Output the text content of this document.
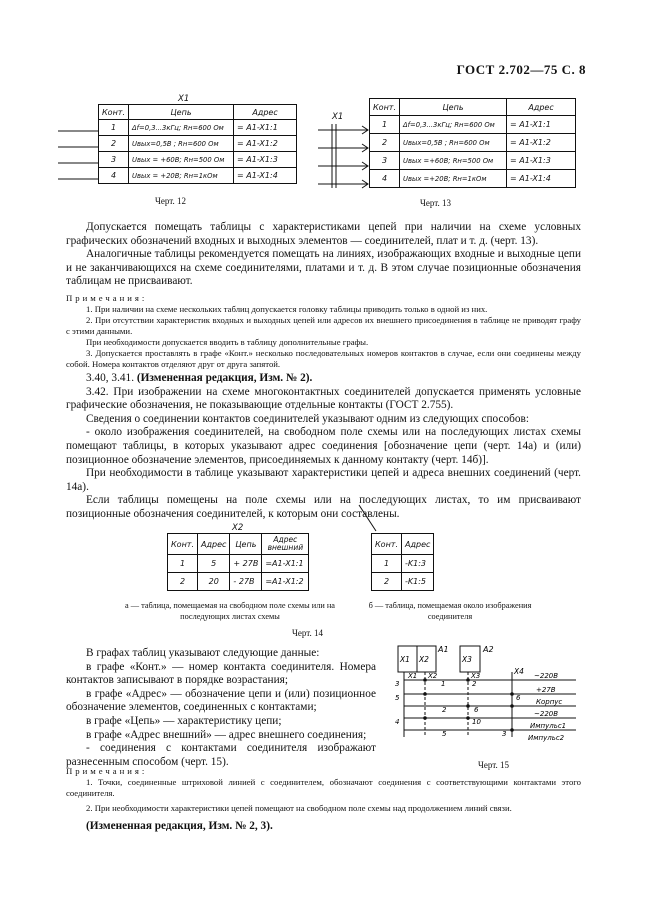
ГОСТ 2.702—75 С. 8
X1
Конт.	Цепь	Адрес
1	Δf=0,3...3кГц; Rн=600 Ом	= A1-X1:1
2	Uвых=0,5В ; Rн=600 Ом	= A1-X1:2
3	Uвых = +60В; Rн=500 Ом	= A1-X1:3
4	Uвых = +20В; Rн=1кОм	= A1-X1:4
Черт. 12
X1
Конт.	Цепь	Адрес
1	Δf=0,3...3кГц; Rн=600 Ом	= A1-X1:1
2	Uвых=0,5В ; Rн=600 Ом	= A1-X1:2
3	Uвых =+60В; Rн=500 Ом	= A1-X1:3
4	Uвых =+20В; Rн=1кОм	= A1-X1:4
Черт. 13

Допускается помещать таблицы с характеристиками цепей при наличии на схеме условных графических обозначений входных и выходных элементов — соединителей, плат и т. д. (черт. 13).

Аналогичные таблицы рекомендуется помещать на линиях, изображающих входные и выходные цепи и не заканчивающихся на схеме соединителями, платами и т. д. В этом случае позиционные обозначения таблицам не присваивают.

Примечания:

1. При наличии на схеме нескольких таблиц допускается головку таблицы приводить только в одной из них.

2. При отсутствии характеристик входных и выходных цепей или адресов их внешнего присоединения в таблице не приводят графу с этими данными.

При необходимости допускается вводить в таблицу дополнительные графы.

3. Допускается проставлять в графе «Конт.» несколько последовательных номеров контактов в случае, если они соединены между собой. Номера контактов отделяют друг от друга запятой.

3.40, 3.41. (Измененная редакция, Изм. № 2).

3.42. При изображении на схеме многоконтактных соединителей допускается применять условные графические обозначения, не показывающие отдельные контакты (ГОСТ 2.755).

Сведения о соединении контактов соединителей указывают одним из следующих способов:

- около изображения соединителей, на свободном поле схемы или на последующих листах схемы помещают таблицы, в которых указывают адрес соединения [обозначение цепи (черт. 14а) и (или) позиционное обозначение элементов, присоединяемых к данному контакту (черт. 14б)].

При необходимости в таблице указывают характеристики цепей и адреса внешних соединений (черт. 14а).

Если таблицы помещены на поле схемы или на последующих листах, то им присваивают позиционные обозначения соединителей, к которым они составлены.

X2
Конт.	Адрес	Цепь	Адрес внешний
1	5	+ 27В	=A1-X1:1
2	20	- 27В	=A1-X1:2
а — таблица, помещаемая на свободном поле схемы или на последующих листах схемы
Конт.	Адрес
1	-K1:3
2	-K1:5
б — таблица, помещаемая около изображения соединителя
Черт. 14

В графах таблиц указывают следующие данные:

в графе «Конт.» — номер контакта соединителя. Номера контактов записывают в порядке возрастания;

в графе «Адрес» — обозначение цепи и (или) позиционное обозначение элементов, соединенных с контактами;

в графе «Цепь» — характеристику цепи;

в графе «Адрес внешний» — адрес внешнего соединения;

- соединения с контактами соединителя изображают разнесенным способом (черт. 15).

A1	A2
X1 X2	X3
X4
X1 X2	X3	~220В
+27В
Корпус
~220В
Импульс1
Импульс2
3	1	2
5	6
2	6
4	10
5	3
Черт. 15
Примечания:

1. Точки, соединенные штриховой линией с соединителем, обозначают соединения с соответствующими контактами этого соединителя.

2. При необходимости характеристики цепей помещают на свободном поле схемы над продолжением линий связи.

(Измененная редакция, Изм. № 2, 3).
